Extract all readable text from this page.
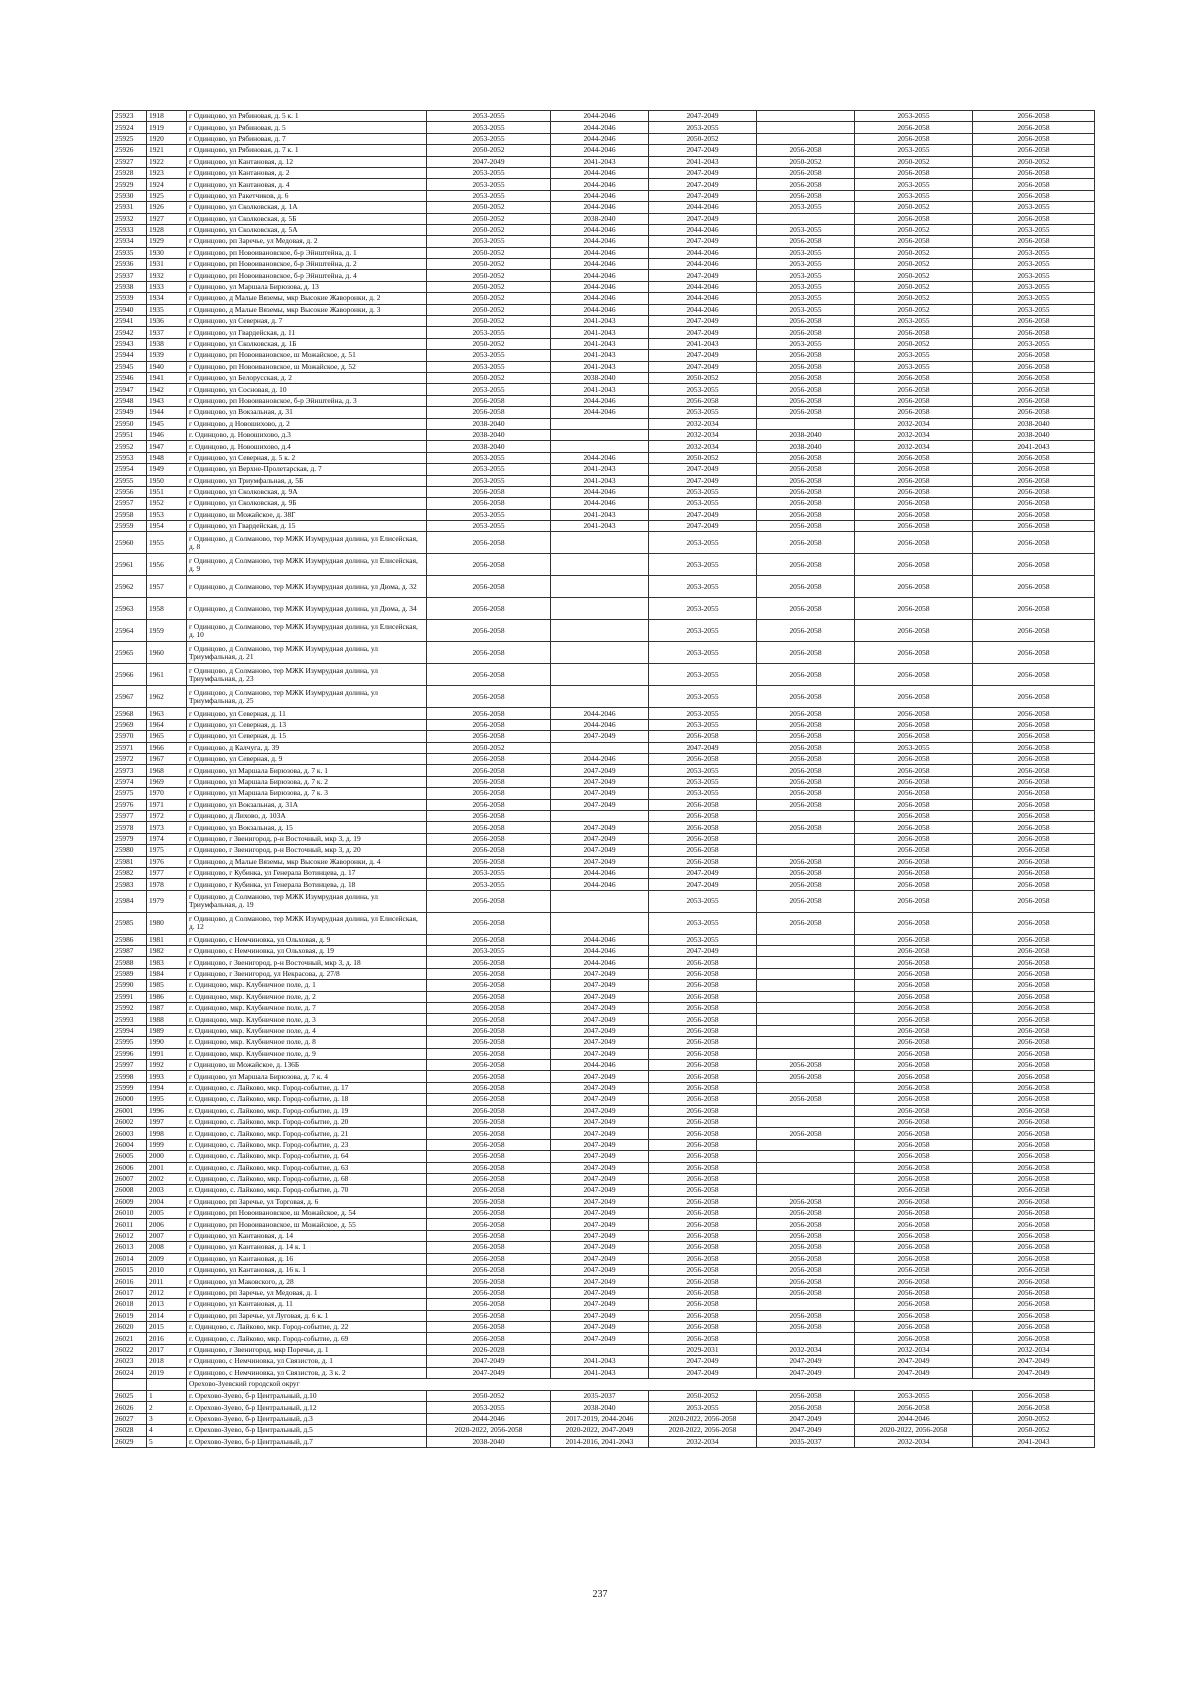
25923	1918	г Одинцово, ул Рябиновая, д. 5 к. 1	2053-2055	2044-2046	2047-2049		2053-2055	2056-2058
25924	1919	г Одинцово, ул Рябиновая, д. 5	2053-2055	2044-2046	2053-2055		2056-2058	2056-2058
25925	1920	г Одинцово, ул Рябиновая, д. 7	2053-2055	2044-2046	2050-2052		2056-2058	2056-2058
25926	1921	г Одинцово, ул Рябиновая, д. 7 к. 1	2050-2052	2044-2046	2047-2049	2056-2058	2053-2055	2056-2058
25927	1922	г Одинцово, ул Кантановая, д. 12	2047-2049	2041-2043	2041-2043	2050-2052	2050-2052	2050-2052
25928	1923	г Одинцово, ул Кантановая, д. 2	2053-2055	2044-2046	2047-2049	2056-2058	2056-2058	2056-2058
25929	1924	г Одинцово, ул Кантановая, д. 4	2053-2055	2044-2046	2047-2049	2056-2058	2053-2055	2056-2058
25930	1925	г Одинцово, ул Ракетчиков, д. 6	2053-2055	2044-2046	2047-2049	2056-2058	2053-2055	2056-2058
25931	1926	г Одинцово, ул Сколковская, д. 1А	2050-2052	2044-2046	2044-2046	2053-2055	2050-2052	2053-2055
25932	1927	г Одинцово, ул Сколковская, д. 5Б	2050-2052	2038-2040	2047-2049		2056-2058	2056-2058
25933	1928	г Одинцово, ул Сколковская, д. 5А	2050-2052	2044-2046	2044-2046	2053-2055	2050-2052	2053-2055
25934	1929	г Одинцово, рп Заречье, ул Медовая, д. 2	2053-2055	2044-2046	2047-2049	2056-2058	2056-2058	2056-2058
25935	1930	г Одинцово, рп Новоивановское, б-р Эйнштейна, д. 1	2050-2052	2044-2046	2044-2046	2053-2055	2050-2052	2053-2055
25936	1931	г Одинцово, рп Новоивановское, б-р Эйнштейна, д. 2	2050-2052	2044-2046	2044-2046	2053-2055	2050-2052	2053-2055
25937	1932	г Одинцово, рп Новоивановское, б-р Эйнштейна, д. 4	2050-2052	2044-2046	2047-2049	2053-2055	2050-2052	2053-2055
25938	1933	г Одинцово, ул Маршала Бирюзова, д. 13	2050-2052	2044-2046	2044-2046	2053-2055	2050-2052	2053-2055
25939	1934	г Одинцово, д Малые Вяземы, мкр Высокие Жаворонки, д. 2	2050-2052	2044-2046	2044-2046	2053-2055	2050-2052	2053-2055
25940	1935	г Одинцово, д Малые Вяземы, мкр Высокие Жаворонки, д. 3	2050-2052	2044-2046	2044-2046	2053-2055	2050-2052	2053-2055
25941	1936	г Одинцово, ул Северная, д. 7	2050-2052	2041-2043	2047-2049	2056-2058	2053-2055	2056-2058
25942	1937	г Одинцово, ул Гвардейская, д. 11	2053-2055	2041-2043	2047-2049	2056-2058	2056-2058	2056-2058
25943	1938	г Одинцово, ул Сколковская, д. 1Б	2050-2052	2041-2043	2041-2043	2053-2055	2050-2052	2053-2055
25944	1939	г Одинцово, рп Новоивановское, ш Можайское, д. 51	2053-2055	2041-2043	2047-2049	2056-2058	2053-2055	2056-2058
25945	1940	г Одинцово, рп Новоивановское, ш Можайское, д. 52	2053-2055	2041-2043	2047-2049	2056-2058	2053-2055	2056-2058
25946	1941	г Одинцово, ул Белорусская, д. 2	2050-2052	2038-2040	2050-2052	2056-2058	2056-2058	2056-2058
25947	1942	г Одинцово, ул Сосновая, д. 10	2053-2055	2041-2043	2053-2055	2056-2058	2056-2058	2056-2058
25948	1943	г Одинцово, рп Новоивановское, б-р Эйнштейна, д. 3	2056-2058	2044-2046	2056-2058	2056-2058	2056-2058	2056-2058
25949	1944	г Одинцово, ул Вокзальная, д. 31	2056-2058	2044-2046	2053-2055	2056-2058	2056-2058	2056-2058
25950	1945	г Одинцово, д Новошихово, д. 2	2038-2040		2032-2034		2032-2034	2038-2040
25951	1946	г. Одинцово, д. Новошихово, д.3	2038-2040		2032-2034	2038-2040	2032-2034	2038-2040
25952	1947	г. Одинцово, д. Новошихово, д.4	2038-2040		2032-2034	2038-2040	2032-2034	2041-2043
25953	1948	г Одинцово, ул Северная, д. 5 к. 2	2053-2055	2044-2046	2050-2052	2056-2058	2056-2058	2056-2058
25954	1949	г Одинцово, ул Верхне-Пролетарская, д. 7	2053-2055	2041-2043	2047-2049	2056-2058	2056-2058	2056-2058
25955	1950	г Одинцово, ул Триумфальная, д. 5Б	2053-2055	2041-2043	2047-2049	2056-2058	2056-2058	2056-2058
25956	1951	г Одинцово, ул Сколковская, д. 9А	2056-2058	2044-2046	2053-2055	2056-2058	2056-2058	2056-2058
25957	1952	г Одинцово, ул Сколковская, д. 9Б	2056-2058	2044-2046	2053-2055	2056-2058	2056-2058	2056-2058
25958	1953	г Одинцово, ш Можайское, д. 38Г	2053-2055	2041-2043	2047-2049	2056-2058	2056-2058	2056-2058
25959	1954	г Одинцово, ул Гвардейская, д. 15	2053-2055	2041-2043	2047-2049	2056-2058	2056-2058	2056-2058
25960	1955	г Одинцово, д Солманово, тер МЖК Изумрудная долина, ул Елисейская, д. 8	2056-2058		2053-2055	2056-2058	2056-2058	2056-2058
25961	1956	г Одинцово, д Солманово, тер МЖК Изумрудная долина, ул Елисейская, д. 9	2056-2058		2053-2055	2056-2058	2056-2058	2056-2058
25962	1957	г Одинцово, д Солманово, тер МЖК Изумрудная долина, ул Дюма, д. 32	2056-2058		2053-2055	2056-2058	2056-2058	2056-2058
25963	1958	г Одинцово, д Солманово, тер МЖК Изумрудная долина, ул Дюма, д. 34	2056-2058		2053-2055	2056-2058	2056-2058	2056-2058
25964	1959	г Одинцово, д Солманово, тер МЖК Изумрудная долина, ул Елисейская, д. 10	2056-2058		2053-2055	2056-2058	2056-2058	2056-2058
25965	1960	г Одинцово, д Солманово, тер МЖК Изумрудная долина, ул Триумфальная, д. 21	2056-2058		2053-2055	2056-2058	2056-2058	2056-2058
25966	1961	г Одинцово, д Солманово, тер МЖК Изумрудная долина, ул Триумфальная, д. 23	2056-2058		2053-2055	2056-2058	2056-2058	2056-2058
25967	1962	г Одинцово, д Солманово, тер МЖК Изумрудная долина, ул Триумфальная, д. 25	2056-2058		2053-2055	2056-2058	2056-2058	2056-2058
25968	1963	г Одинцово, ул Северная, д. 11	2056-2058	2044-2046	2053-2055	2056-2058	2056-2058	2056-2058
25969	1964	г Одинцово, ул Северная, д. 13	2056-2058	2044-2046	2053-2055	2056-2058	2056-2058	2056-2058
25970	1965	г Одинцово, ул Северная, д. 15	2056-2058	2047-2049	2056-2058	2056-2058	2056-2058	2056-2058
25971	1966	г Одинцово, д Калчуга, д. 39	2050-2052		2047-2049	2056-2058	2053-2055	2056-2058
25972	1967	г Одинцово, ул Северная, д. 9	2056-2058	2044-2046	2056-2058	2056-2058	2056-2058	2056-2058
25973	1968	г Одинцово, ул Маршала Бирюзова, д. 7 к. 1	2056-2058	2047-2049	2053-2055	2056-2058	2056-2058	2056-2058
25974	1969	г Одинцово, ул Маршала Бирюзова, д. 7 к. 2	2056-2058	2047-2049	2053-2055	2056-2058	2056-2058	2056-2058
25975	1970	г Одинцово, ул Маршала Бирюзова, д. 7 к. 3	2056-2058	2047-2049	2053-2055	2056-2058	2056-2058	2056-2058
25976	1971	г Одинцово, ул Вокзальная, д. 31А	2056-2058	2047-2049	2056-2058	2056-2058	2056-2058	2056-2058
25977	1972	г Одинцово, д Лихово, д. 103А	2056-2058		2056-2058		2056-2058	2056-2058
25978	1973	г Одинцово, ул Вокзальная, д. 15	2056-2058	2047-2049	2056-2058	2056-2058	2056-2058	2056-2058
25979	1974	г Одинцово, г Звенигород, р-н Восточный, мкр 3, д. 19	2056-2058	2047-2049	2056-2058		2056-2058	2056-2058
25980	1975	г Одинцово, г Звенигород, р-н Восточный, мкр 3, д. 20	2056-2058	2047-2049	2056-2058		2056-2058	2056-2058
25981	1976	г Одинцово, д Малые Вяземы, мкр Высокие Жаворонки, д. 4	2056-2058	2047-2049	2056-2058	2056-2058	2056-2058	2056-2058
25982	1977	г Одинцово, г Кубинка, ул Генерала Вотинцева, д. 17	2053-2055	2044-2046	2047-2049	2056-2058	2056-2058	2056-2058
25983	1978	г Одинцово, г Кубинка, ул Генерала Вотинцева, д. 18	2053-2055	2044-2046	2047-2049	2056-2058	2056-2058	2056-2058
25984	1979	г Одинцово, д Солманово, тер МЖК Изумрудная долина, ул Триумфальная, д. 19	2056-2058		2053-2055	2056-2058	2056-2058	2056-2058
25985	1980	г Одинцово, д Солманово, тер МЖК Изумрудная долина, ул Елисейская, д. 12	2056-2058		2053-2055	2056-2058	2056-2058	2056-2058
25986	1981	г Одинцово, с Немчиновка, ул Ольховая, д. 9	2056-2058	2044-2046	2053-2055		2056-2058	2056-2058
25987	1982	г Одинцово, с Немчиновка, ул Ольховая, д. 19	2053-2055	2044-2046	2047-2049		2056-2058	2056-2058
25988	1983	г Одинцово, г Звенигород, р-н Восточный, мкр 3, д. 18	2056-2058	2044-2046	2056-2058		2056-2058	2056-2058
25989	1984	г Одинцово, г Звенигород, ул Некрасова, д. 27/8	2056-2058	2047-2049	2056-2058		2056-2058	2056-2058
25990	1985	г. Одинцово, мкр. Клубничное поле, д. 1	2056-2058	2047-2049	2056-2058		2056-2058	2056-2058
25991	1986	г. Одинцово, мкр. Клубничное поле, д. 2	2056-2058	2047-2049	2056-2058		2056-2058	2056-2058
25992	1987	г. Одинцово, мкр. Клубничное поле, д. 7	2056-2058	2047-2049	2056-2058		2056-2058	2056-2058
25993	1988	г. Одинцово, мкр. Клубничное поле, д. 3	2056-2058	2047-2049	2056-2058		2056-2058	2056-2058
25994	1989	г. Одинцово, мкр. Клубничное поле, д. 4	2056-2058	2047-2049	2056-2058		2056-2058	2056-2058
25995	1990	г. Одинцово, мкр. Клубничное поле, д. 8	2056-2058	2047-2049	2056-2058		2056-2058	2056-2058
25996	1991	г. Одинцово, мкр. Клубничное поле, д. 9	2056-2058	2047-2049	2056-2058		2056-2058	2056-2058
25997	1992	г Одинцово, ш Можайское, д. 136Б	2056-2058	2044-2046	2056-2058	2056-2058	2056-2058	2056-2058
25998	1993	г Одинцово, ул Маршала Бирюзова, д. 7 к. 4	2056-2058	2047-2049	2056-2058	2056-2058	2056-2058	2056-2058
25999	1994	г. Одинцово, с. Лайково, мкр. Город-событие, д. 17	2056-2058	2047-2049	2056-2058		2056-2058	2056-2058
26000	1995	г. Одинцово, с. Лайково, мкр. Город-событие, д. 18	2056-2058	2047-2049	2056-2058	2056-2058	2056-2058	2056-2058
26001	1996	г. Одинцово, с. Лайково, мкр. Город-событие, д. 19	2056-2058	2047-2049	2056-2058		2056-2058	2056-2058
26002	1997	г. Одинцово, с. Лайково, мкр. Город-событие, д. 20	2056-2058	2047-2049	2056-2058		2056-2058	2056-2058
26003	1998	г. Одинцово, с. Лайково, мкр. Город-событие, д. 21	2056-2058	2047-2049	2056-2058	2056-2058	2056-2058	2056-2058
26004	1999	г. Одинцово, с. Лайково, мкр. Город-событие, д. 23	2056-2058	2047-2049	2056-2058		2056-2058	2056-2058
26005	2000	г. Одинцово, с. Лайково, мкр. Город-событие, д. 64	2056-2058	2047-2049	2056-2058		2056-2058	2056-2058
26006	2001	г. Одинцово, с. Лайково, мкр. Город-событие, д. 63	2056-2058	2047-2049	2056-2058		2056-2058	2056-2058
26007	2002	г. Одинцово, с. Лайково, мкр. Город-событие, д. 68	2056-2058	2047-2049	2056-2058		2056-2058	2056-2058
26008	2003	г. Одинцово, с. Лайково, мкр. Город-событие, д. 70	2056-2058	2047-2049	2056-2058		2056-2058	2056-2058
26009	2004	г Одинцово, рп Заречье, ул Торговая, д. 6	2056-2058	2047-2049	2056-2058	2056-2058	2056-2058	2056-2058
26010	2005	г Одинцово, рп Новоивановское, ш Можайское, д. 54	2056-2058	2047-2049	2056-2058	2056-2058	2056-2058	2056-2058
26011	2006	г Одинцово, рп Новоивановское, ш Можайское, д. 55	2056-2058	2047-2049	2056-2058	2056-2058	2056-2058	2056-2058
26012	2007	г Одинцово, ул Кантановая, д. 14	2056-2058	2047-2049	2056-2058	2056-2058	2056-2058	2056-2058
26013	2008	г Одинцово, ул Кантановая, д. 14 к. 1	2056-2058	2047-2049	2056-2058	2056-2058	2056-2058	2056-2058
26014	2009	г Одинцово, ул Кантановая, д. 16	2056-2058	2047-2049	2056-2058	2056-2058	2056-2058	2056-2058
26015	2010	г Одинцово, ул Кантановая, д. 16 к. 1	2056-2058	2047-2049	2056-2058	2056-2058	2056-2058	2056-2058
26016	2011	г Одинцово, ул Маковского, д. 28	2056-2058	2047-2049	2056-2058	2056-2058	2056-2058	2056-2058
26017	2012	г Одинцово, рп Заречье, ул Медовая, д. 1	2056-2058	2047-2049	2056-2058	2056-2058	2056-2058	2056-2058
26018	2013	г Одинцово, ул Кантановая, д. 11	2056-2058	2047-2049	2056-2058		2056-2058	2056-2058
26019	2014	г Одинцово, рп Заречье, ул Луговая, д. 6 к. 1	2056-2058	2047-2049	2056-2058	2056-2058	2056-2058	2056-2058
26020	2015	г. Одинцово, с. Лайково, мкр. Город-событие, д. 22	2056-2058	2047-2049	2056-2058	2056-2058	2056-2058	2056-2058
26021	2016	г. Одинцово, с. Лайково, мкр. Город-событие, д. 69	2056-2058	2047-2049	2056-2058		2056-2058	2056-2058
26022	2017	г Одинцово, г Звенигород, мкр Поречье, д. 1	2026-2028		2029-2031	2032-2034	2032-2034	2032-2034
26023	2018	г Одинцово, с Немчиновка, ул Связистов, д. 1	2047-2049	2041-2043	2047-2049	2047-2049	2047-2049	2047-2049
26024	2019	г Одинцово, с Немчиновка, ул Связистов, д. 3 к. 2	2047-2049	2041-2043	2047-2049	2047-2049	2047-2049	2047-2049
		Орехово-Зуевский городской округ						
26025	1	г. Орехово-Зуево, б-р Центральный, д.10	2050-2052	2035-2037	2050-2052	2056-2058	2053-2055	2056-2058
26026	2	г. Орехово-Зуево, б-р Центральный, д.12	2053-2055	2038-2040	2053-2055	2056-2058	2056-2058	2056-2058
26027	3	г. Орехово-Зуево, б-р Центральный, д.3	2044-2046	2017-2019, 2044-2046	2020-2022, 2056-2058	2047-2049	2044-2046	2050-2052
26028	4	г. Орехово-Зуево, б-р Центральный, д.5	2020-2022, 2056-2058	2020-2022, 2047-2049	2020-2022, 2056-2058	2047-2049	2020-2022, 2056-2058	2050-2052
26029	5	г. Орехово-Зуево, б-р Центральный, д.7	2038-2040	2014-2016, 2041-2043	2032-2034	2035-2037	2032-2034	2041-2043
237
